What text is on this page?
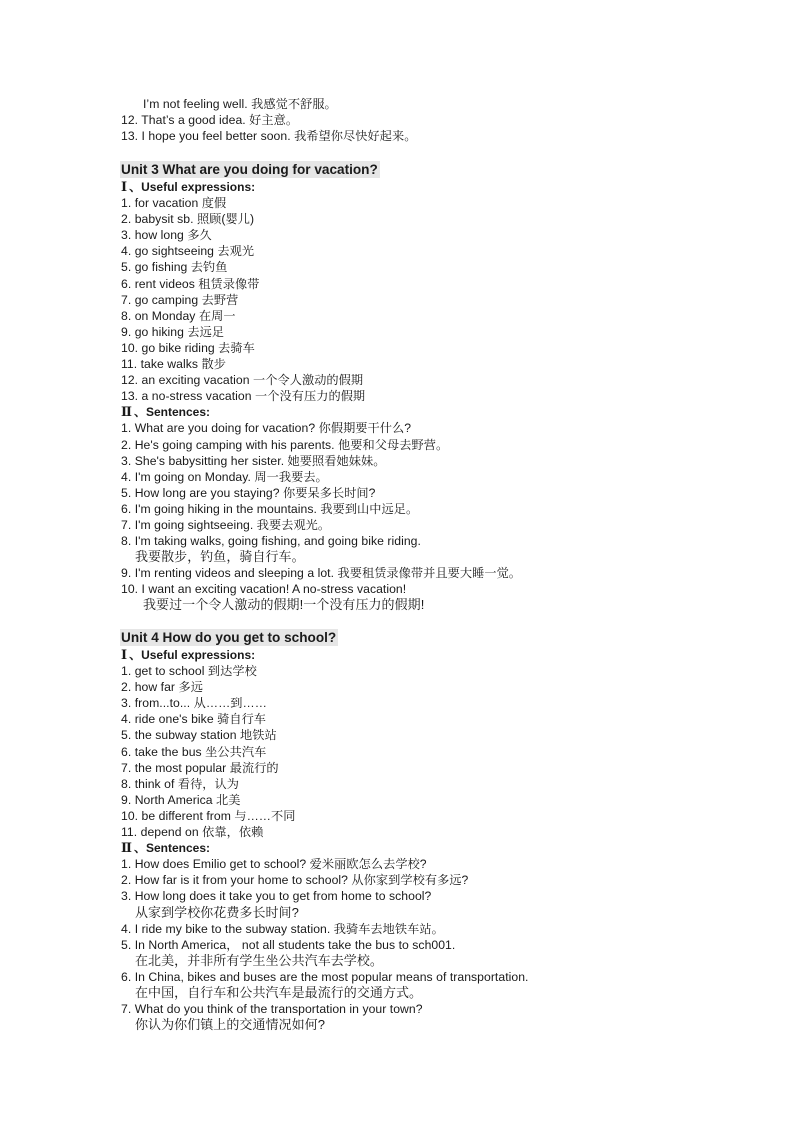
I’m not feeling well. 我感觉不舒服。
12. That’s a good idea. 好主意。
13. I hope you feel better soon. 我希望你尽快好起来。
Unit 3 What are you doing for vacation?
Ⅰ 、Useful expressions:
1. for vacation 度假
2. babysit sb. 照顾(婴儿)
3. how long 多久
4. go sightseeing 去观光
5. go fishing 去钓鱼
6. rent videos 租赁录像带
7. go camping 去野营
8. on Monday 在周一
9. go hiking 去远足
10. go bike riding 去骑车
11. take walks 散步
12. an exciting vacation 一个令人激动的假期
13. a no-stress vacation 一个没有压力的假期
Ⅱ 、Sentences:
1. What are you doing for vacation? 你假期要干什么?
2. He's going camping with his parents. 他要和父母去野营。
3. She's babysitting her sister. 她要照看她妹妹。
4. I'm going on Monday. 周一我要去。
5. How long are you staying? 你要呆多长时间?
6. I'm going hiking in the mountains. 我要到山中远足。
7. I'm going sightseeing. 我要去观光。
8. I'm taking walks, going fishing, and going bike riding.
我要散步，钓鱼，骑自行车。
9. I'm renting videos and sleeping a lot. 我要租赁录像带并且要大睡一觉。
10. I want an exciting vacation! A no-stress vacation!
我要过一个令人激动的假期!一个没有压力的假期!
Unit 4 How do you get to school?
Ⅰ 、Useful expressions:
1. get to school 到达学校
2. how far 多远
3. from...to... 从……到……
4. ride one's bike 骑自行车
5. the subway station 地铁站
6. take the bus 坐公共汽车
7. the most popular 最流行的
8. think of 看待，认为
9. North America 北美
10. be different from 与……不同
11. depend on 依靠，依赖
Ⅱ 、Sentences:
1. How does Emilio get to school? 爱米丽欧怎么去学校?
2. How far is it from your home to school? 从你家到学校有多远?
3. How long does it take you to get from home to school?
从家到学校你花费多长时间?
4. I ride my bike to the subway station. 我骑车去地铁车站。
5. In North America， not all students take the bus to sch001.
在北美，并非所有学生坐公共汽车去学校。
6. In China, bikes and buses are the most popular means of transportation.
在中国，自行车和公共汽车是最流行的交通方式。
7. What do you think of the transportation in your town?
你认为你们镇上的交通情况如何?
